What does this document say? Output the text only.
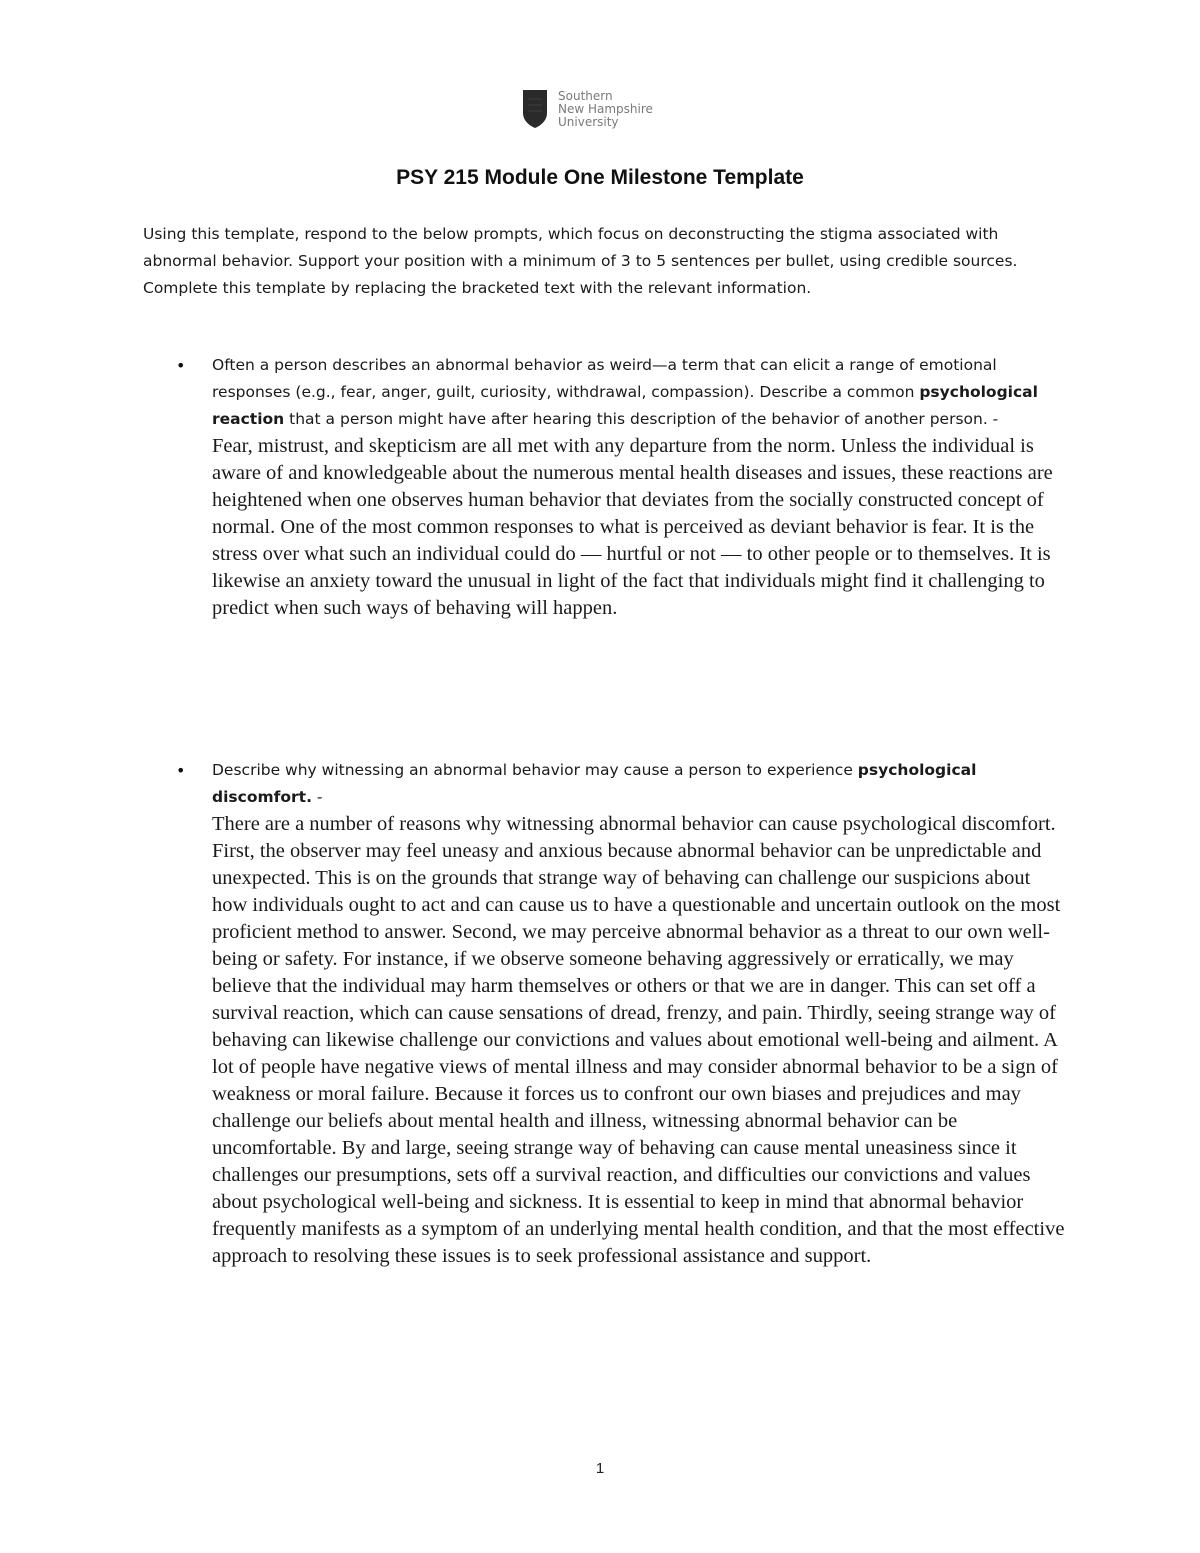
Southern
New Hampshire
University
PSY 215 Module One Milestone Template
Using this template, respond to the below prompts, which focus on deconstructing the stigma associated with abnormal behavior. Support your position with a minimum of 3 to 5 sentences per bullet, using credible sources. Complete this template by replacing the bracketed text with the relevant information.
• Often a person describes an abnormal behavior as weird—a term that can elicit a range of emotional responses (e.g., fear, anger, guilt, curiosity, withdrawal, compassion). Describe a common psychological reaction that a person might have after hearing this description of the behavior of another person. -
Fear, mistrust, and skepticism are all met with any departure from the norm. Unless the individual is aware of and knowledgeable about the numerous mental health diseases and issues, these reactions are heightened when one observes human behavior that deviates from the socially constructed concept of normal. One of the most common responses to what is perceived as deviant behavior is fear. It is the stress over what such an individual could do — hurtful or not — to other people or to themselves. It is likewise an anxiety toward the unusual in light of the fact that individuals might find it challenging to predict when such ways of behaving will happen.
• Describe why witnessing an abnormal behavior may cause a person to experience psychological discomfort. -
There are a number of reasons why witnessing abnormal behavior can cause psychological discomfort. First, the observer may feel uneasy and anxious because abnormal behavior can be unpredictable and unexpected. This is on the grounds that strange way of behaving can challenge our suspicions about how individuals ought to act and can cause us to have a questionable and uncertain outlook on the most proficient method to answer. Second, we may perceive abnormal behavior as a threat to our own well-being or safety. For instance, if we observe someone behaving aggressively or erratically, we may believe that the individual may harm themselves or others or that we are in danger. This can set off a survival reaction, which can cause sensations of dread, frenzy, and pain. Thirdly, seeing strange way of behaving can likewise challenge our convictions and values about emotional well-being and ailment. A lot of people have negative views of mental illness and may consider abnormal behavior to be a sign of weakness or moral failure. Because it forces us to confront our own biases and prejudices and may challenge our beliefs about mental health and illness, witnessing abnormal behavior can be uncomfortable. By and large, seeing strange way of behaving can cause mental uneasiness since it challenges our presumptions, sets off a survival reaction, and difficulties our convictions and values about psychological well-being and sickness. It is essential to keep in mind that abnormal behavior frequently manifests as a symptom of an underlying mental health condition, and that the most effective approach to resolving these issues is to seek professional assistance and support.
1
